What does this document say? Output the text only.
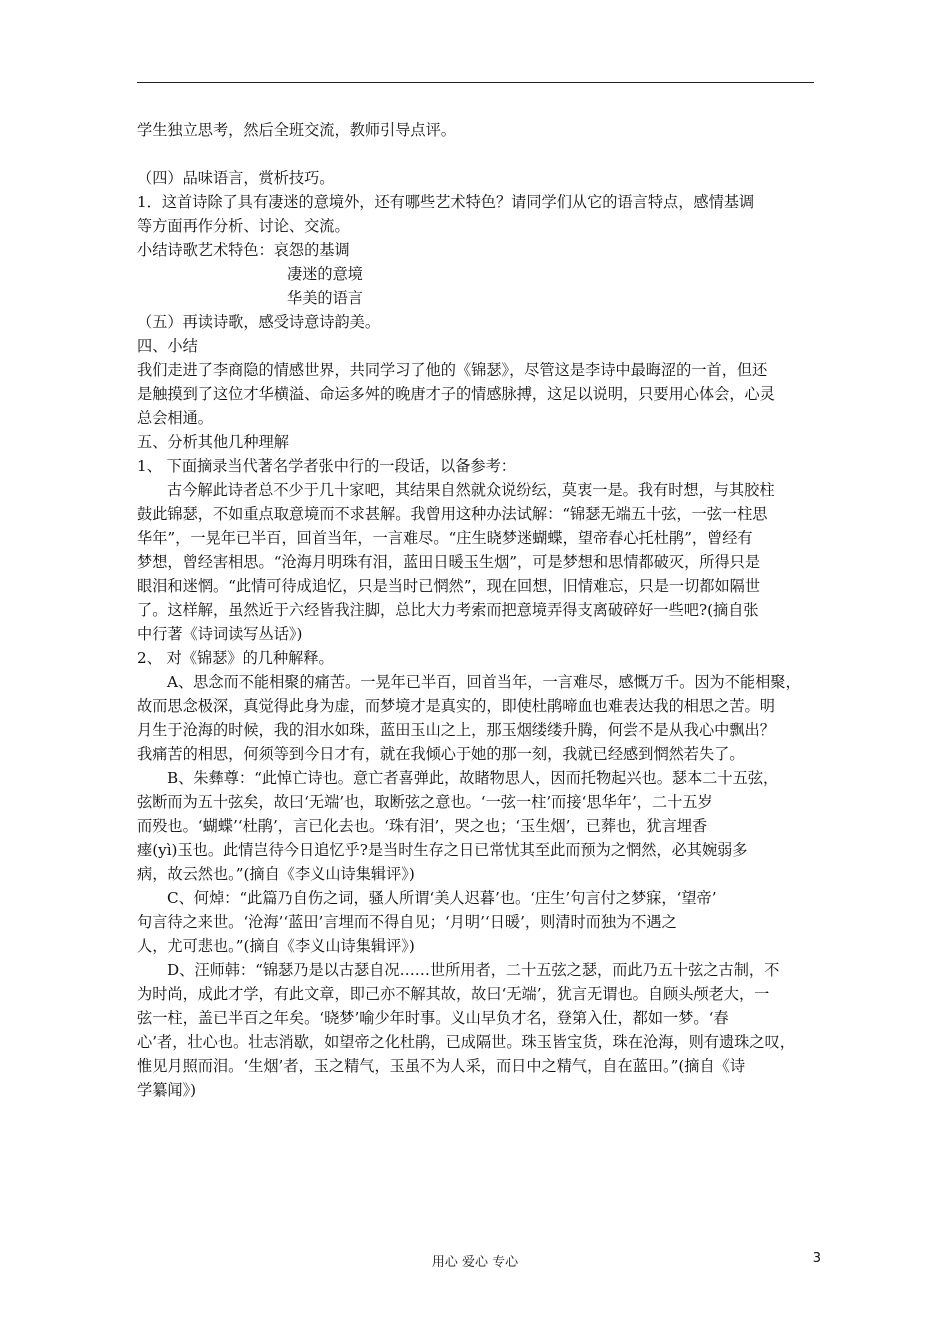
学生独立思考，然后全班交流，教师引导点评。

（四）品味语言，赏析技巧。

1．这首诗除了具有凄迷的意境外，还有哪些艺术特色？请同学们从它的语言特点，感情基调

等方面再作分析、讨论、交流。

小结诗歌艺术特色：哀怨的基调

凄迷的意境

华美的语言

（五）再读诗歌，感受诗意诗韵美。

四、小结

我们走进了李商隐的情感世界，共同学习了他的《锦瑟》，尽管这是李诗中最晦涩的一首，但还

是触摸到了这位才华横溢、命运多舛的晚唐才子的情感脉搏，这足以说明，只要用心体会，心灵

总会相通。

五、分析其他几种理解

1、 下面摘录当代著名学者张中行的一段话，以备参考：

古今解此诗者总不少于几十家吧，其结果自然就众说纷纭，莫衷一是。我有时想，与其胶柱

鼓此锦瑟，不如重点取意境而不求甚解。我曾用这种办法试解：“锦瑟无端五十弦，一弦一柱思

华年”，一晃年已半百，回首当年，一言难尽。“庄生晓梦迷蝴蝶，望帝春心托杜鹃”，曾经有

梦想，曾经害相思。“沧海月明珠有泪，蓝田日暖玉生烟”，可是梦想和思情都破灭，所得只是

眼泪和迷惘。“此情可待成追忆，只是当时已惘然”，现在回想，旧情难忘，只是一切都如隔世

了。这样解，虽然近于六经皆我注脚，总比大力考索而把意境弄得支离破碎好一些吧?(摘自张

中行著《诗词读写丛话》)

2、 对《锦瑟》的几种解释。

A、思念而不能相聚的痛苦。一晃年已半百，回首当年，一言难尽，感慨万千。因为不能相聚，

故而思念极深，真觉得此身为虚，而梦境才是真实的，即使杜鹃啼血也难表达我的相思之苦。明

月生于沧海的时候，我的泪水如珠，蓝田玉山之上，那玉烟缕缕升腾，何尝不是从我心中飘出？

我痛苦的相思，何须等到今日才有，就在我倾心于她的那一刻，我就已经感到惘然若失了。

B、朱彝尊：“此悼亡诗也。意亡者喜弹此，故睹物思人，因而托物起兴也。瑟本二十五弦，

弦断而为五十弦矣，故曰‘无端’也，取断弦之意也。‘一弦一柱’而接‘思华年’，二十五岁

而殁也。‘蝴蝶’‘杜鹃’，言已化去也。‘珠有泪’，哭之也；‘玉生烟’，已葬也，犹言埋香

瘗(yì)玉也。此情岂待今日追忆乎?是当时生存之日已常忧其至此而预为之惘然，必其婉弱多

病，故云然也。”(摘自《李义山诗集辑评》)

C、何焯：“此篇乃自伤之词，骚人所谓‘美人迟暮’也。‘庄生’句言付之梦寐，‘望帝’

句言待之来世。‘沧海’‘蓝田’言埋而不得自见；‘月明’‘日暖’，则清时而独为不遇之

人，尤可悲也。”(摘自《李义山诗集辑评》)

D、汪师韩：“锦瑟乃是以古瑟自况……世所用者，二十五弦之瑟，而此乃五十弦之古制，不

为时尚，成此才学，有此文章，即己亦不解其故，故曰‘无端’，犹言无谓也。自顾头颅老大，一

弦一柱，盖已半百之年矣。‘晓梦’喻少年时事。义山早负才名，登第入仕，都如一梦。‘春

心’者，壮心也。壮志消歇，如望帝之化杜鹃，已成隔世。珠玉皆宝货，珠在沧海，则有遗珠之叹，

惟见月照而泪。‘生烟’者，玉之精气，玉虽不为人采，而日中之精气，自在蓝田。”(摘自《诗

学纂闻》)

用心 爱心 专心	3
